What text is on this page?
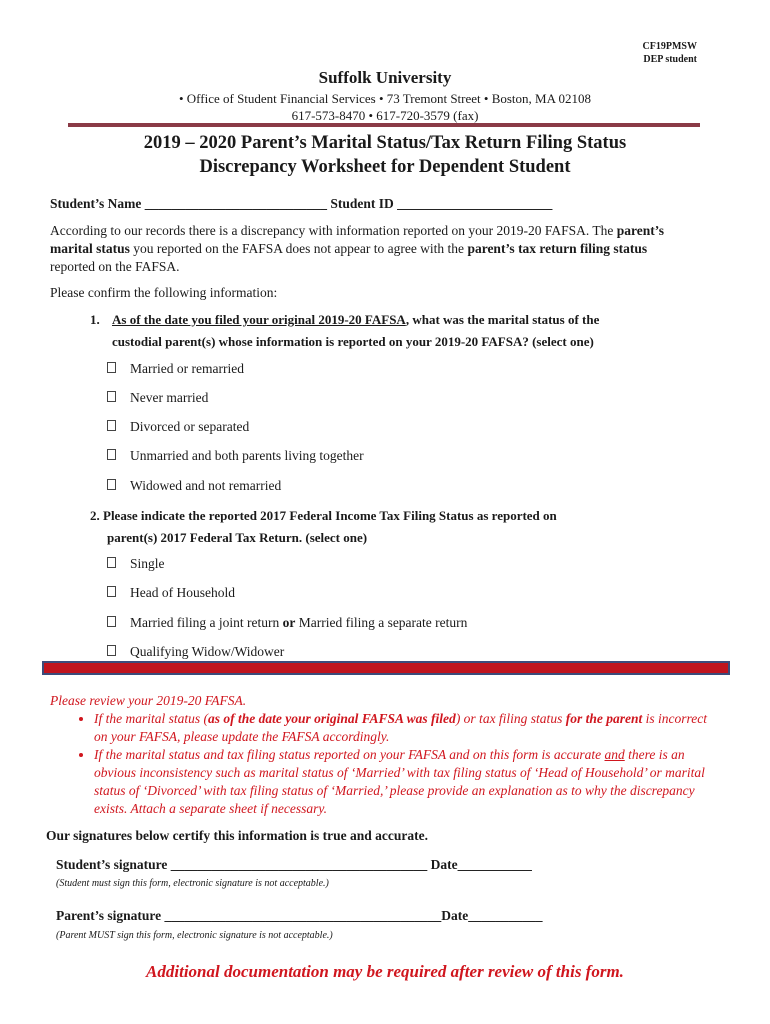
CF19PMSW
DEP student
Suffolk University
• Office of Student Financial Services • 73 Tremont Street • Boston, MA 02108
617-573-8470 • 617-720-3579 (fax)
2019 – 2020 Parent’s Marital Status/Tax Return Filing Status
Discrepancy Worksheet for Dependent Student
Student’s Name ___________________________ Student ID _______________________
According to our records there is a discrepancy with information reported on your 2019-20 FAFSA. The parent’s marital status you reported on the FAFSA does not appear to agree with the parent’s tax return filing status reported on the FAFSA.
Please confirm the following information:
1. As of the date you filed your original 2019-20 FAFSA, what was the marital status of the
custodial parent(s) whose information is reported on your 2019-20 FAFSA? (select one)
Married or remarried
Never married
Divorced or separated
Unmarried and both parents living together
Widowed and not remarried
2. Please indicate the reported 2017 Federal Income Tax Filing Status as reported on
parent(s) 2017 Federal Tax Return. (select one)
Single
Head of Household
Married filing a joint return or Married filing a separate return
Qualifying Widow/Widower
Please review your 2019-20 FAFSA.
• If the marital status (as of the date your original FAFSA was filed) or tax filing status for the parent is incorrect on your FAFSA, please update the FAFSA accordingly.
• If the marital status and tax filing status reported on your FAFSA and on this form is accurate and there is an obvious inconsistency such as marital status of ‘Married’ with tax filing status of ‘Head of Household’ or marital status of ‘Divorced’ with tax filing status of ‘Married,’ please provide an explanation as to why the discrepancy exists. Attach a separate sheet if necessary.
Our signatures below certify this information is true and accurate.
Student’s signature ______________________________________ Date___________
(Student must sign this form, electronic signature is not acceptable.)
Parent’s signature _________________________________________Date___________
(Parent MUST sign this form, electronic signature is not acceptable.)
Additional documentation may be required after review of this form.
